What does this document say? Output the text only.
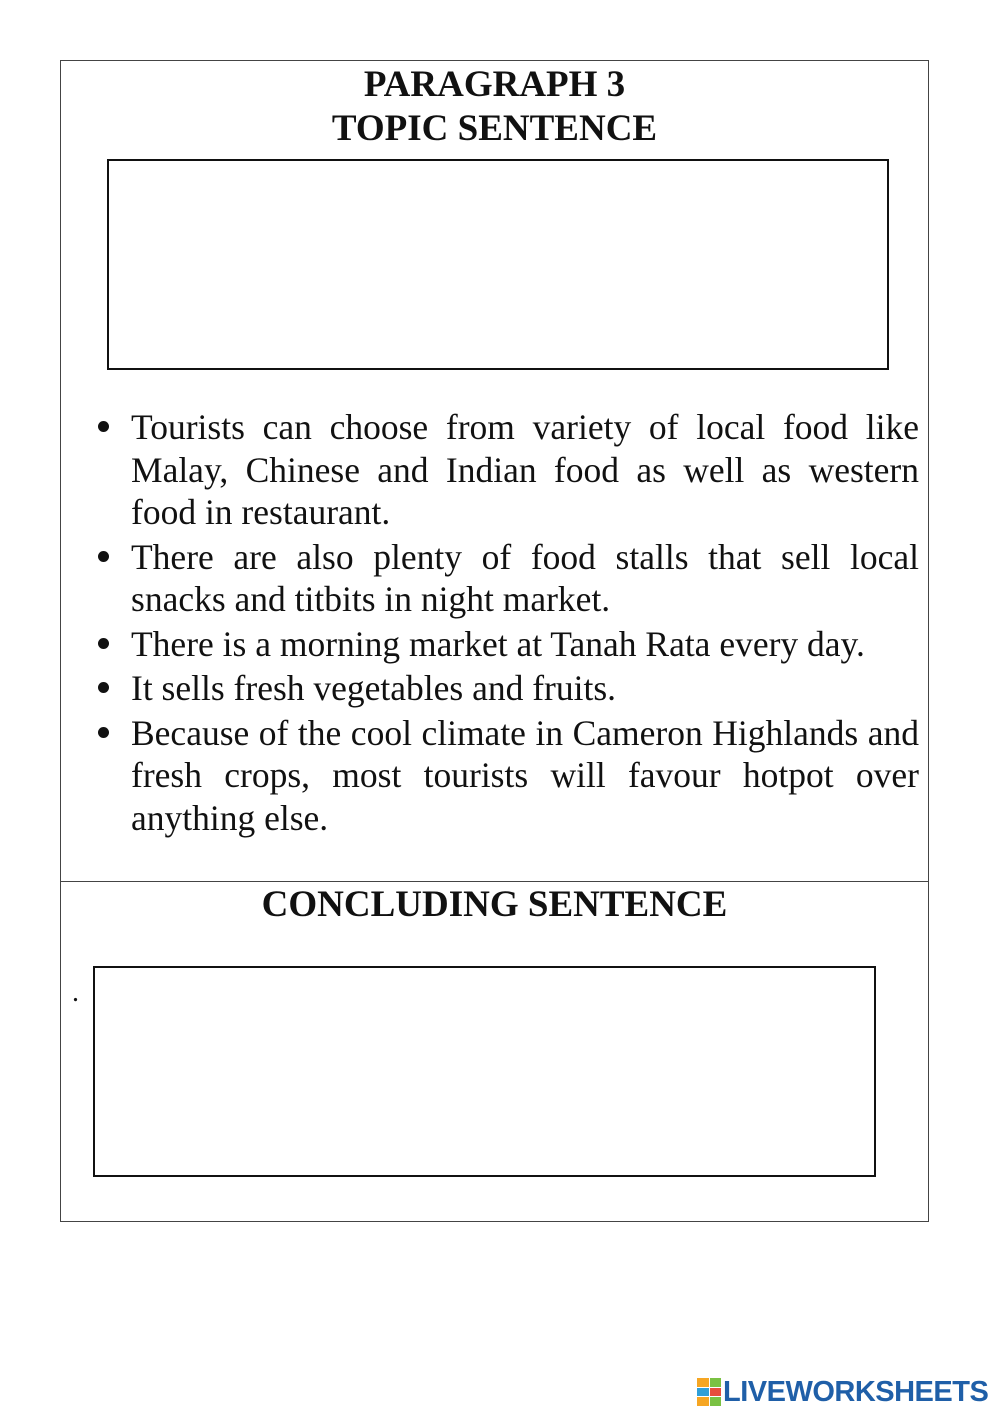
PARAGRAPH 3
TOPIC SENTENCE
Tourists can choose from variety of local food like Malay, Chinese and Indian food as well as western food in restaurant.
There are also plenty of food stalls that sell local snacks and titbits in night market.
There is a morning market at Tanah Rata every day.
It sells fresh vegetables and fruits.
Because of the cool climate in Cameron Highlands and fresh crops, most tourists will favour hotpot over anything else.
CONCLUDING SENTENCE
.
LIVEWORKSHEETS
